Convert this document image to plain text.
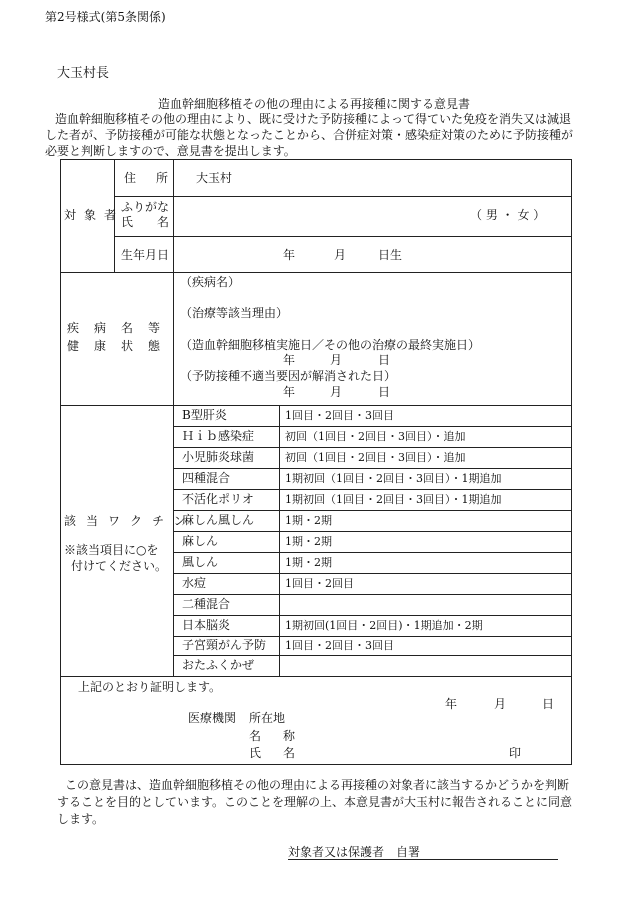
第2号様式(第5条関係)
大玉村長
造血幹細胞移植その他の理由による再接種に関する意見書
造血幹細胞移植その他の理由により、既に受けた予防接種によって得ていた免疫を消失又は減退
した者が、予防接種が可能な状態となったことから、合併症対策・感染症対策のために予防接種が
必要と判断しますので、意見書を提出します。
対象者
住　所 大玉村
ふりがな
氏　名	（ 男 ・ 女 ）
生年月日	年	月	日生
疾病名等
健康状態
（疾病名）
（治療等該当理由）
（造血幹細胞移植実施日／その他の治療の最終実施日）
年	月	日
（予防接種不適当要因が解消された日）
年	月	日
該当ワクチン
※該当項目に○を
付けてください。
B型肝炎	1回目・2回目・3回目
Ｈｉｂ感染症	初回（1回目・2回目・3回目）・追加
小児肺炎球菌	初回（1回目・2回目・3回目）・追加
四種混合	1期初回（1回目・2回目・3回目）・1期追加
不活化ポリオ	1期初回（1回目・2回目・3回目）・1期追加
麻しん風しん	1期・2期
麻しん	1期・2期
風しん	1期・2期
水痘	1回目・2回目
二種混合
日本脳炎	1期初回(1回目・2回目)・1期追加・2期
子宮頸がん予防 1回目・2回目・3回目
おたふくかぜ
上記のとおり証明します。
年	月	日
医療機関 所在地
名　称
氏　名	印
この意見書は、造血幹細胞移植その他の理由による再接種の対象者に該当するかどうかを判断
することを目的としています。このことを理解の上、本意見書が大玉村に報告されることに同意
します。
対象者又は保護者　自署
